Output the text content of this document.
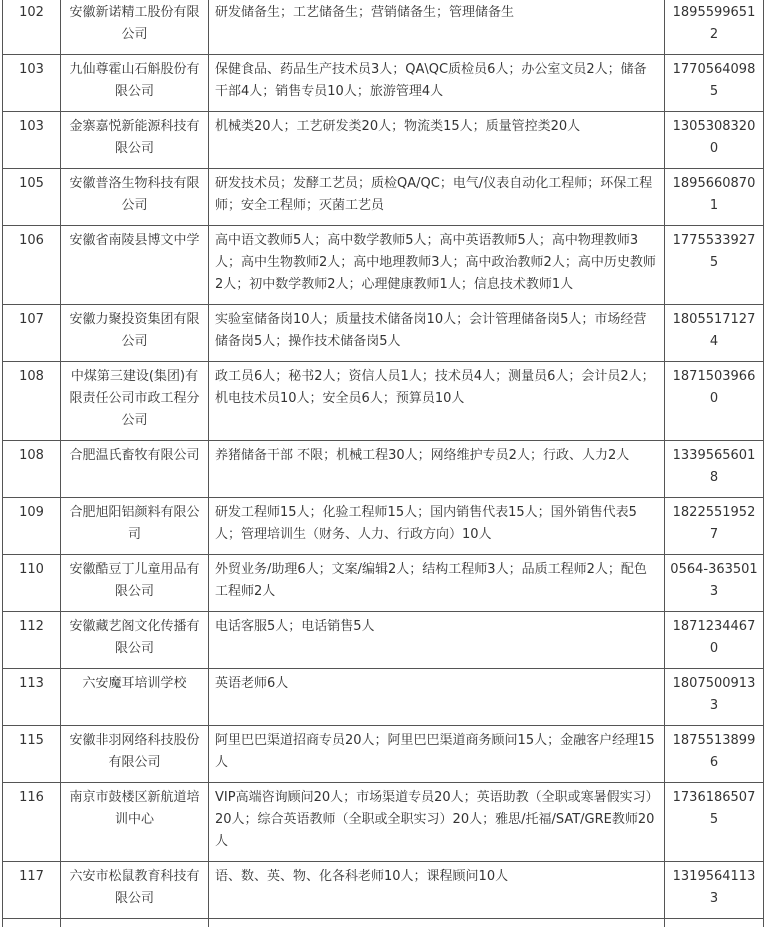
102	安徽新诺精工股份有限公司	研发储备生；工艺储备生；营销储备生；管理储备生	18955996512
103	九仙尊霍山石斛股份有限公司	保健食品、药品生产技术员3人；QA\QC质检员6人；办公室文员2人；储备干部4人；销售专员10人；旅游管理4人	17705640985
103	金寨嘉悦新能源科技有限公司	机械类20人；工艺研发类20人；物流类15人；质量管控类20人	13053083200
105	安徽普洛生物科技有限公司	研发技术员；发酵工艺员；质检QA/QC；电气/仪表自动化工程师；环保工程师；安全工程师；灭菌工艺员	18956608701
106	安徽省南陵县博文中学	高中语文教师5人；高中数学教师5人；高中英语教师5人；高中物理教师3人；高中生物教师2人；高中地理教师3人；高中政治教师2人；高中历史教师2人；初中数学教师2人；心理健康教师1人；信息技术教师1人	17755339275
107	安徽力聚投资集团有限公司	实验室储备岗10人；质量技术储备岗10人；会计管理储备岗5人；市场经营储备岗5人；操作技术储备岗5人	18055171274
108	中煤第三建设(集团)有限责任公司市政工程分公司	政工员6人；秘书2人；资信人员1人；技术员4人；测量员6人；会计员2人；机电技术员10人；安全员6人；预算员10人	18715039660
108	合肥温氏畜牧有限公司	养猪储备干部 不限；机械工程30人；网络维护专员2人；行政、人力2人	13395656018
109	合肥旭阳铝颜料有限公司	研发工程师15人；化验工程师15人；国内销售代表15人；国外销售代表5人；管理培训生（财务、人力、行政方向）10人	18225519527
110	安徽酷豆丁儿童用品有限公司	外贸业务/助理6人；文案/编辑2人；结构工程师3人；品质工程师2人；配色工程师2人	0564-3635013
112	安徽藏艺阁文化传播有限公司	电话客服5人；电话销售5人	18712344670
113	六安魔耳培训学校	英语老师6人	18075009133
115	安徽非羽网络科技股份有限公司	阿里巴巴渠道招商专员20人；阿里巴巴渠道商务顾问15人；金融客户经理15人	18755138996
116	南京市鼓楼区新航道培训中心	VIP高端咨询顾问20人；市场渠道专员20人；英语助教（全职或寒暑假实习）20人；综合英语教师（全职或全职实习）20人；雅思/托福/SAT/GRE教师20人	17361865075
117	六安市松鼠教育科技有限公司	语、数、英、物、化各科老师10人；课程顾问10人	13195641133
